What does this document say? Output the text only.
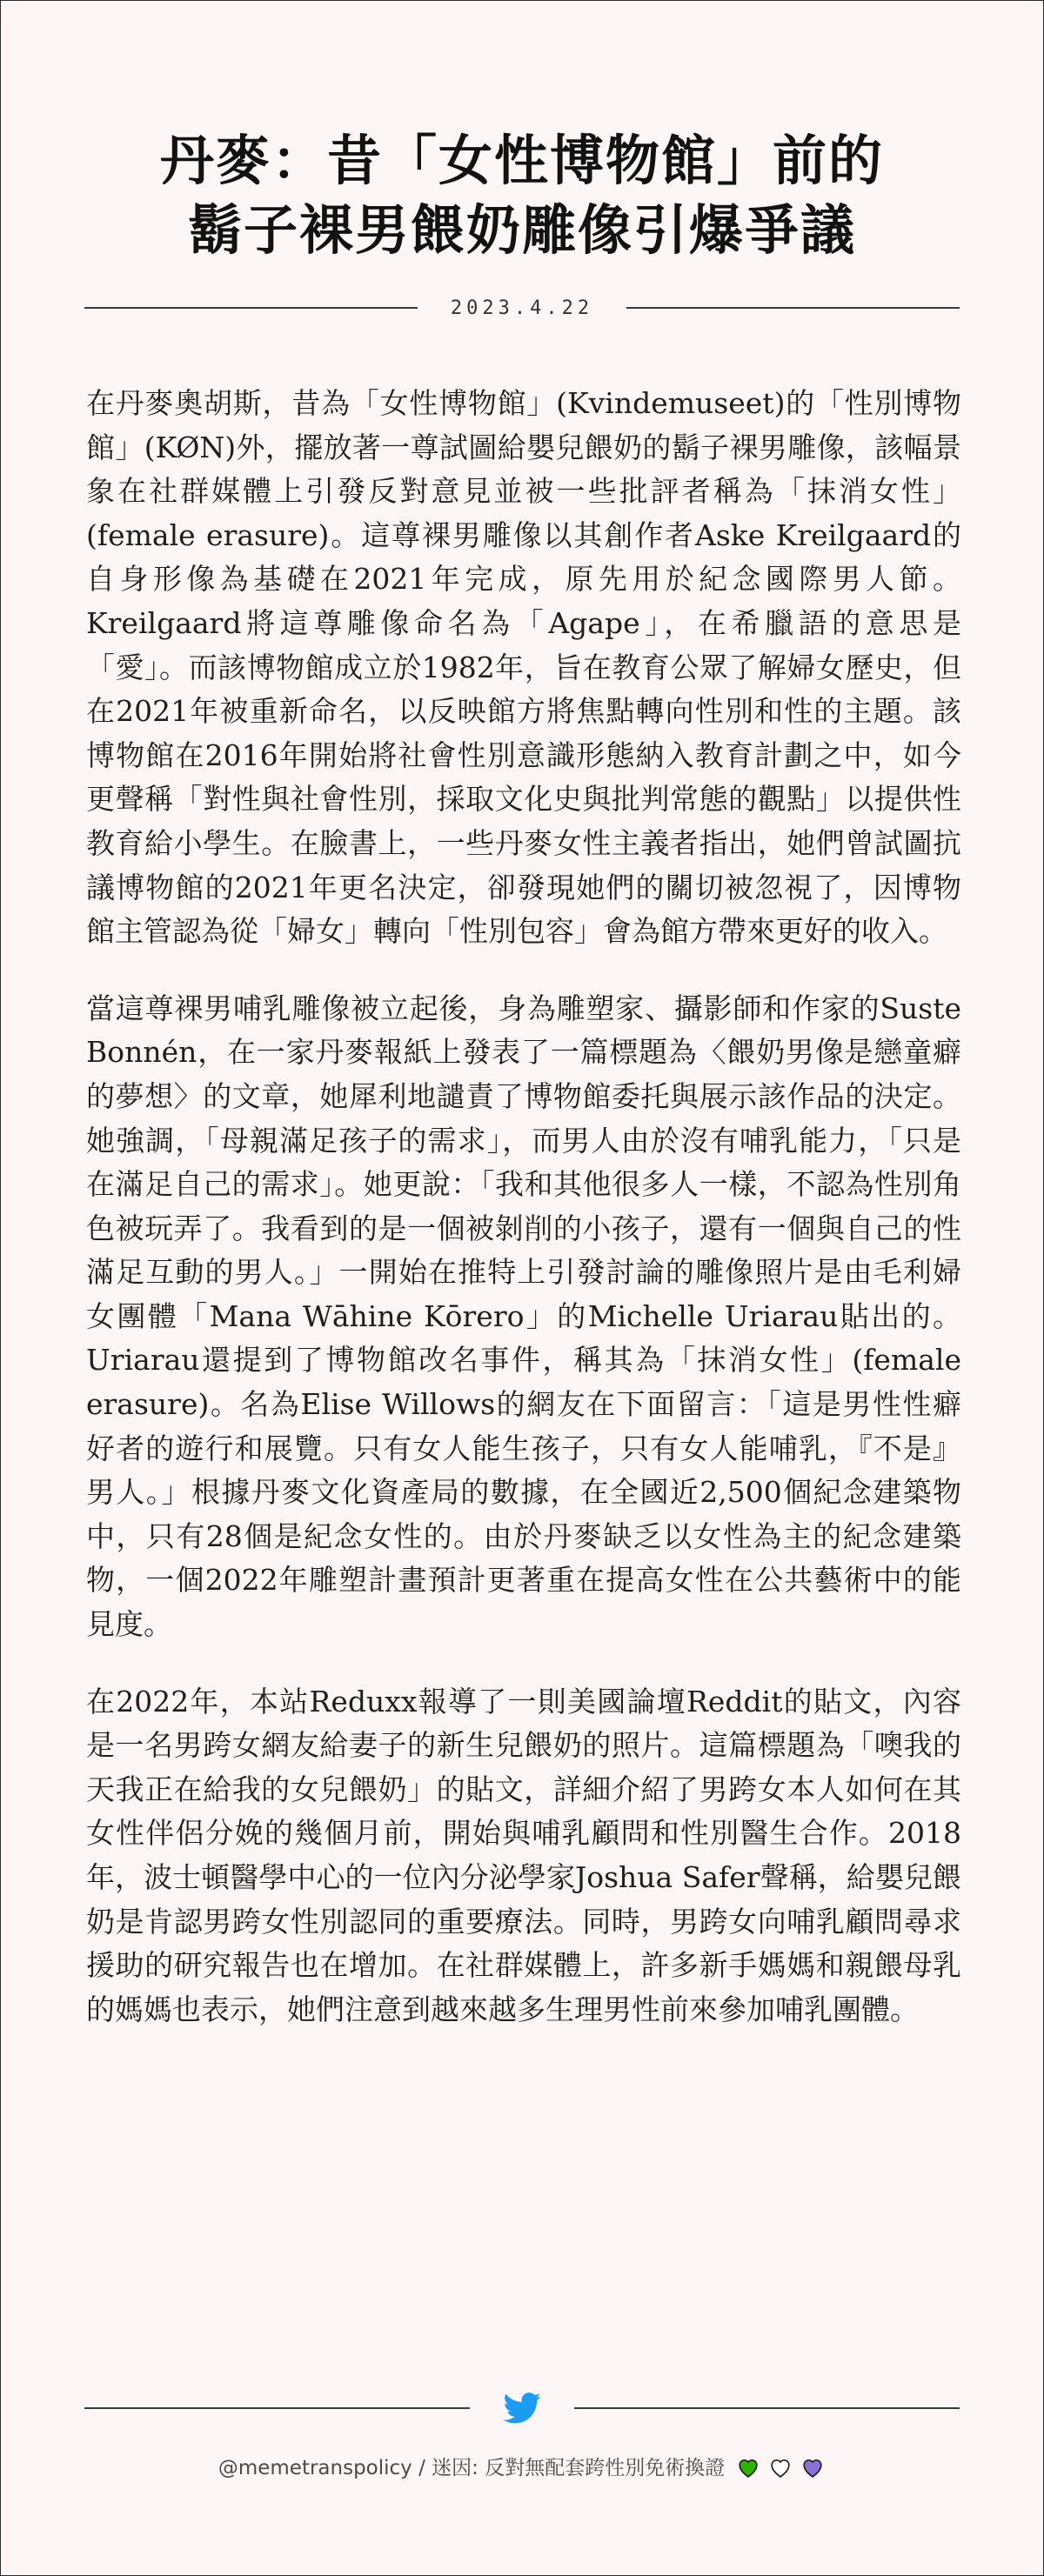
丹麥：昔「女性博物館」前的
鬍子裸男餵奶雕像引爆爭議
2023.4.22

在丹麥奧胡斯，昔為「女性博物館」(Kvindemuseet)的「性別博物館」(KØN)外，擺放著一尊試圖給嬰兒餵奶的鬍子裸男雕像，該幅景象在社群媒體上引發反對意見並被一些批評者稱為「抹消女性」(female erasure)。這尊裸男雕像以其創作者Aske Kreilgaard的自身形像為基礎在2021年完成，原先用於紀念國際男人節。Kreilgaard將這尊雕像命名為「Agape」，在希臘語的意思是「愛」。而該博物館成立於1982年，旨在教育公眾了解婦女歷史，但在2021年被重新命名，以反映館方將焦點轉向性別和性的主題。該博物館在2016年開始將社會性別意識形態納入教育計劃之中，如今更聲稱「對性與社會性別，採取文化史與批判常態的觀點」以提供性教育給小學生。在臉書上，一些丹麥女性主義者指出，她們曾試圖抗議博物館的2021年更名決定，卻發現她們的關切被忽視了，因博物館主管認為從「婦女」轉向「性別包容」會為館方帶來更好的收入。

當這尊裸男哺乳雕像被立起後，身為雕塑家、攝影師和作家的Suste Bonnén，在一家丹麥報紙上發表了一篇標題為〈餵奶男像是戀童癖的夢想〉的文章，她犀利地譴責了博物館委托與展示該作品的決定。她強調，「母親滿足孩子的需求」，而男人由於沒有哺乳能力，「只是在滿足自己的需求」。她更說：「我和其他很多人一樣，不認為性別角色被玩弄了。我看到的是一個被剝削的小孩子，還有一個與自己的性滿足互動的男人。」一開始在推特上引發討論的雕像照片是由毛利婦女團體「Mana Wāhine Kōrero」的Michelle Uriarau貼出的。Uriarau還提到了博物館改名事件，稱其為「抹消女性」(female erasure)。名為Elise Willows的網友在下面留言：「這是男性性癖好者的遊行和展覽。只有女人能生孩子，只有女人能哺乳，『不是』男人。」根據丹麥文化資產局的數據，在全國近2,500個紀念建築物中，只有28個是紀念女性的。由於丹麥缺乏以女性為主的紀念建築物，一個2022年雕塑計畫預計更著重在提高女性在公共藝術中的能見度。

在2022年，本站Reduxx報導了一則美國論壇Reddit的貼文，內容是一名男跨女網友給妻子的新生兒餵奶的照片。這篇標題為「噢我的天我正在給我的女兒餵奶」的貼文，詳細介紹了男跨女本人如何在其女性伴侶分娩的幾個月前，開始與哺乳顧問和性別醫生合作。2018年，波士頓醫學中心的一位內分泌學家Joshua Safer聲稱，給嬰兒餵奶是肯認男跨女性別認同的重要療法。同時，男跨女向哺乳顧問尋求援助的研究報告也在增加。在社群媒體上，許多新手媽媽和親餵母乳的媽媽也表示，她們注意到越來越多生理男性前來參加哺乳團體。

@memetranspolicy / 迷因: 反對無配套跨性別免術換證
